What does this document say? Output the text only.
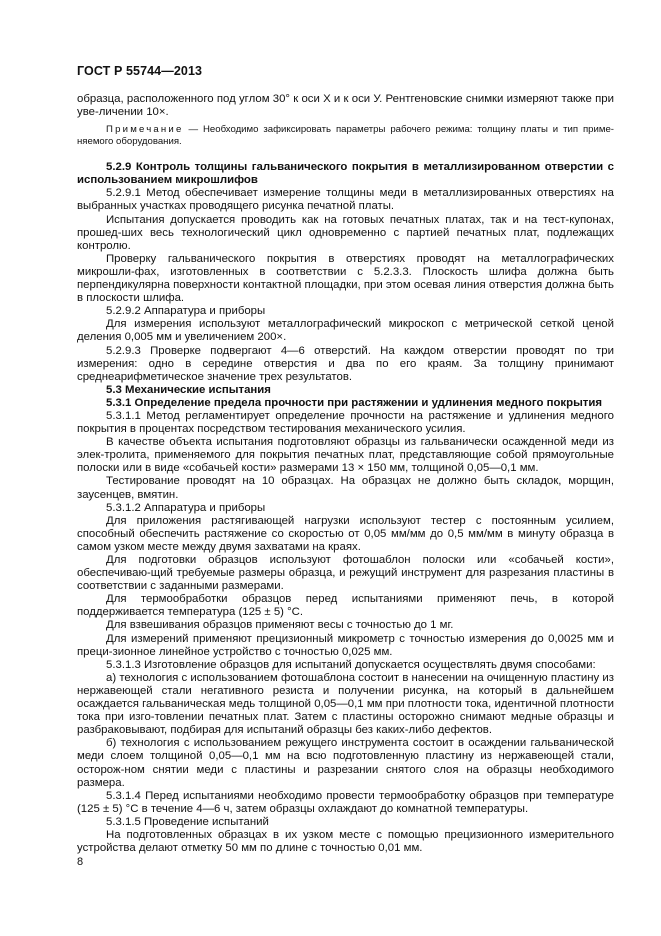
ГОСТ Р 55744—2013

образца, расположенного под углом 30° к оси Х и к оси У. Рентгеновские снимки измеряют также при уве-личении 10×.

Примечание — Необходимо зафиксировать параметры рабочего режима: толщину платы и тип приме-няемого оборудования.

5.2.9 Контроль толщины гальванического покрытия в металлизированном отверстии с использованием микрошлифов

5.2.9.1 Метод обеспечивает измерение толщины меди в металлизированных отверстиях на выбранных участках проводящего рисунка печатной платы.

Испытания допускается проводить как на готовых печатных платах, так и на тест-купонах, прошед-ших весь технологический цикл одновременно с партией печатных плат, подлежащих контролю.

Проверку гальванического покрытия в отверстиях проводят на металлографических микрошли-фах, изготовленных в соответствии с 5.2.3.3. Плоскость шлифа должна быть перпендикулярна поверхности контактной площадки, при этом осевая линия отверстия должна быть в плоскости шлифа.

5.2.9.2 Аппаратура и приборы

Для измерения используют металлографический микроскоп с метрической сеткой ценой деления 0,005 мм и увеличением 200×.

5.2.9.3 Проверке подвергают 4—6 отверстий. На каждом отверстии проводят по три измерения: одно в середине отверстия и два по его краям. За толщину принимают среднеарифметическое значение трех результатов.

5.3 Механические испытания

5.3.1 Определение предела прочности при растяжении и удлинения медного покрытия

5.3.1.1 Метод регламентирует определение прочности на растяжение и удлинения медного покрытия в процентах посредством тестирования механического усилия.

В качестве объекта испытания подготовляют образцы из гальванически осажденной меди из элек-тролита, применяемого для покрытия печатных плат, представляющие собой прямоугольные полоски или в виде «собачьей кости» размерами 13 × 150 мм, толщиной 0,05—0,1 мм.

Тестирование проводят на 10 образцах. На образцах не должно быть складок, морщин, заусенцев, вмятин.

5.3.1.2 Аппаратура и приборы

Для приложения растягивающей нагрузки используют тестер с постоянным усилием, способный обеспечить растяжение со скоростью от 0,05 мм/мм до 0,5 мм/мм в минуту образца в самом узком месте между двумя захватами на краях.

Для подготовки образцов используют фотошаблон полоски или «собачьей кости», обеспечиваю-щий требуемые размеры образца, и режущий инструмент для разрезания пластины в соответствии с заданными размерами.

Для термообработки образцов перед испытаниями применяют печь, в которой поддерживается температура (125 ± 5) °С.

Для взвешивания образцов применяют весы с точностью до 1 мг.

Для измерений применяют прецизионный микрометр с точностью измерения до 0,0025 мм и преци-зионное линейное устройство с точностью 0,025 мм.

5.3.1.3 Изготовление образцов для испытаний допускается осуществлять двумя способами:

а) технология с использованием фотошаблона состоит в нанесении на очищенную пластину из нержавеющей стали негативного резиста и получении рисунка, на который в дальнейшем осаждается гальваническая медь толщиной 0,05—0,1 мм при плотности тока, идентичной плотности тока при изго-товлении печатных плат. Затем с пластины осторожно снимают медные образцы и разбраковывают, подбирая для испытаний образцы без каких-либо дефектов.

б) технология с использованием режущего инструмента состоит в осаждении гальванической меди слоем толщиной 0,05—0,1 мм на всю подготовленную пластину из нержавеющей стали, осторож-ном снятии меди с пластины и разрезании снятого слоя на образцы необходимого размера.

5.3.1.4 Перед испытаниями необходимо провести термообработку образцов при температуре (125 ± 5) °С в течение 4—6 ч, затем образцы охлаждают до комнатной температуры.

5.3.1.5 Проведение испытаний

На подготовленных образцах в их узком месте с помощью прецизионного измерительного устройства делают отметку 50 мм по длине с точностью 0,01 мм.

8
